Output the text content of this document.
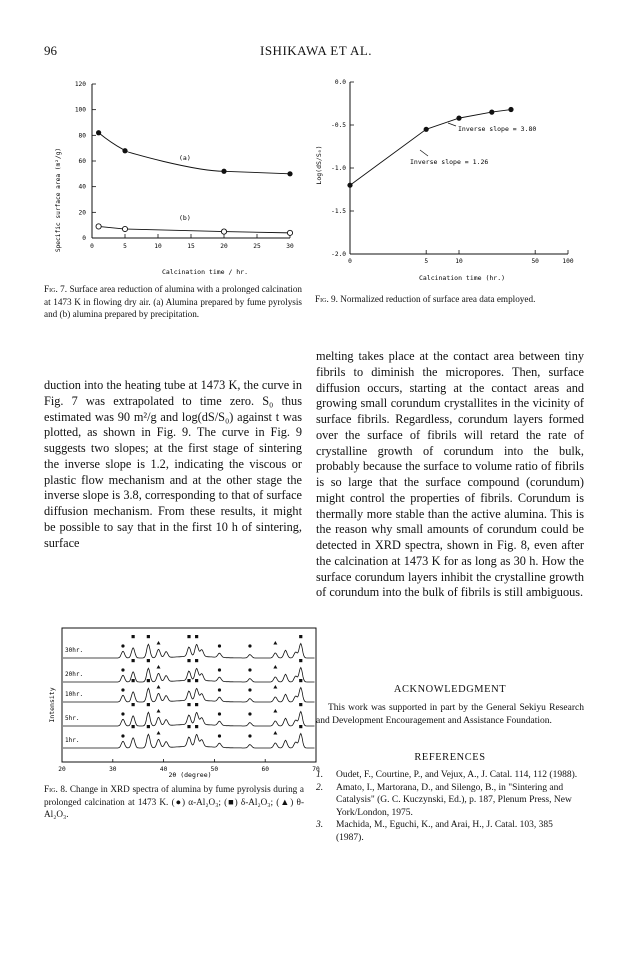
96	ISHIKAWA ET AL.
0
20
40
60
80
100
120
0	5	10	15	20	25	30
Calcination time / hr.
Specific surface area (m²/g)	(a)
(b)
Fig. 7. Surface area reduction of alumina with a prolonged calcination at 1473 K in flowing dry air. (a) Alumina prepared by fume pyrolysis and (b) alumina prepared by precipitation.
0.0
-0.5
-1.0
-1.5
-2.0
0	5	10	50	100
Calcination time (hr.)
Log(dS/S₀)
Inverse slope = 3.80
Inverse slope = 1.26
Fig. 9. Normalized reduction of surface area data employed.

duction into the heating tube at 1473 K, the curve in Fig. 7 was extrapolated to time zero. S₀ thus estimated was 90 m²/g and log(dS/S₀) against t was plotted, as shown in Fig. 9. The curve in Fig. 9 suggests two slopes; at the first stage of sintering the inverse slope is 1.2, indicating the viscous or plastic flow mechanism and at the other stage the inverse slope is 3.8, corresponding to that of surface diffusion mechanism. From these results, it might be possible to say that in the first 10 h of sintering, surface

20	30	40	50	60	70
30hr.
20hr.
10hr.
5hr.
1hr.
2θ (degree)
Intensity
Fig. 8. Change in XRD spectra of alumina by fume pyrolysis during a prolonged calcination at 1473 K. (●) α-Al₂O₃; (■) δ-Al₂O₃; (▲) θ-Al₂O₃.

melting takes place at the contact area between tiny fibrils to diminish the micropores. Then, surface diffusion occurs, starting at the contact areas and growing small corundum crystallites in the vicinity of surface fibrils. Regardless, corundum layers formed over the surface of fibrils will retard the rate of crystalline growth of corundum into the bulk, probably because the surface to volume ratio of fibrils is so large that the surface compound (corundum) might control the properties of fibrils. Corundum is thermally more stable than the active alumina. This is the reason why small amounts of corundum could be detected in XRD spectra, shown in Fig. 8, even after the calcination at 1473 K for as long as 30 h. How the surface corundum layers inhibit the crystalline growth of corundum into the bulk of fibrils is still ambiguous.

ACKNOWLEDGMENT
This work was supported in part by the General Sekiyu Research and Development Encouragement and Assistance Foundation.
REFERENCES
1. Oudet, F., Courtine, P., and Vejux, A., J. Catal. 114, 112 (1988).
2. Amato, I., Martorana, D., and Silengo, B., in "Sintering and Catalysis" (G. C. Kuczynski, Ed.), p. 187, Plenum Press, New York/London, 1975.
3. Machida, M., Eguchi, K., and Arai, H., J. Catal. 103, 385 (1987).
